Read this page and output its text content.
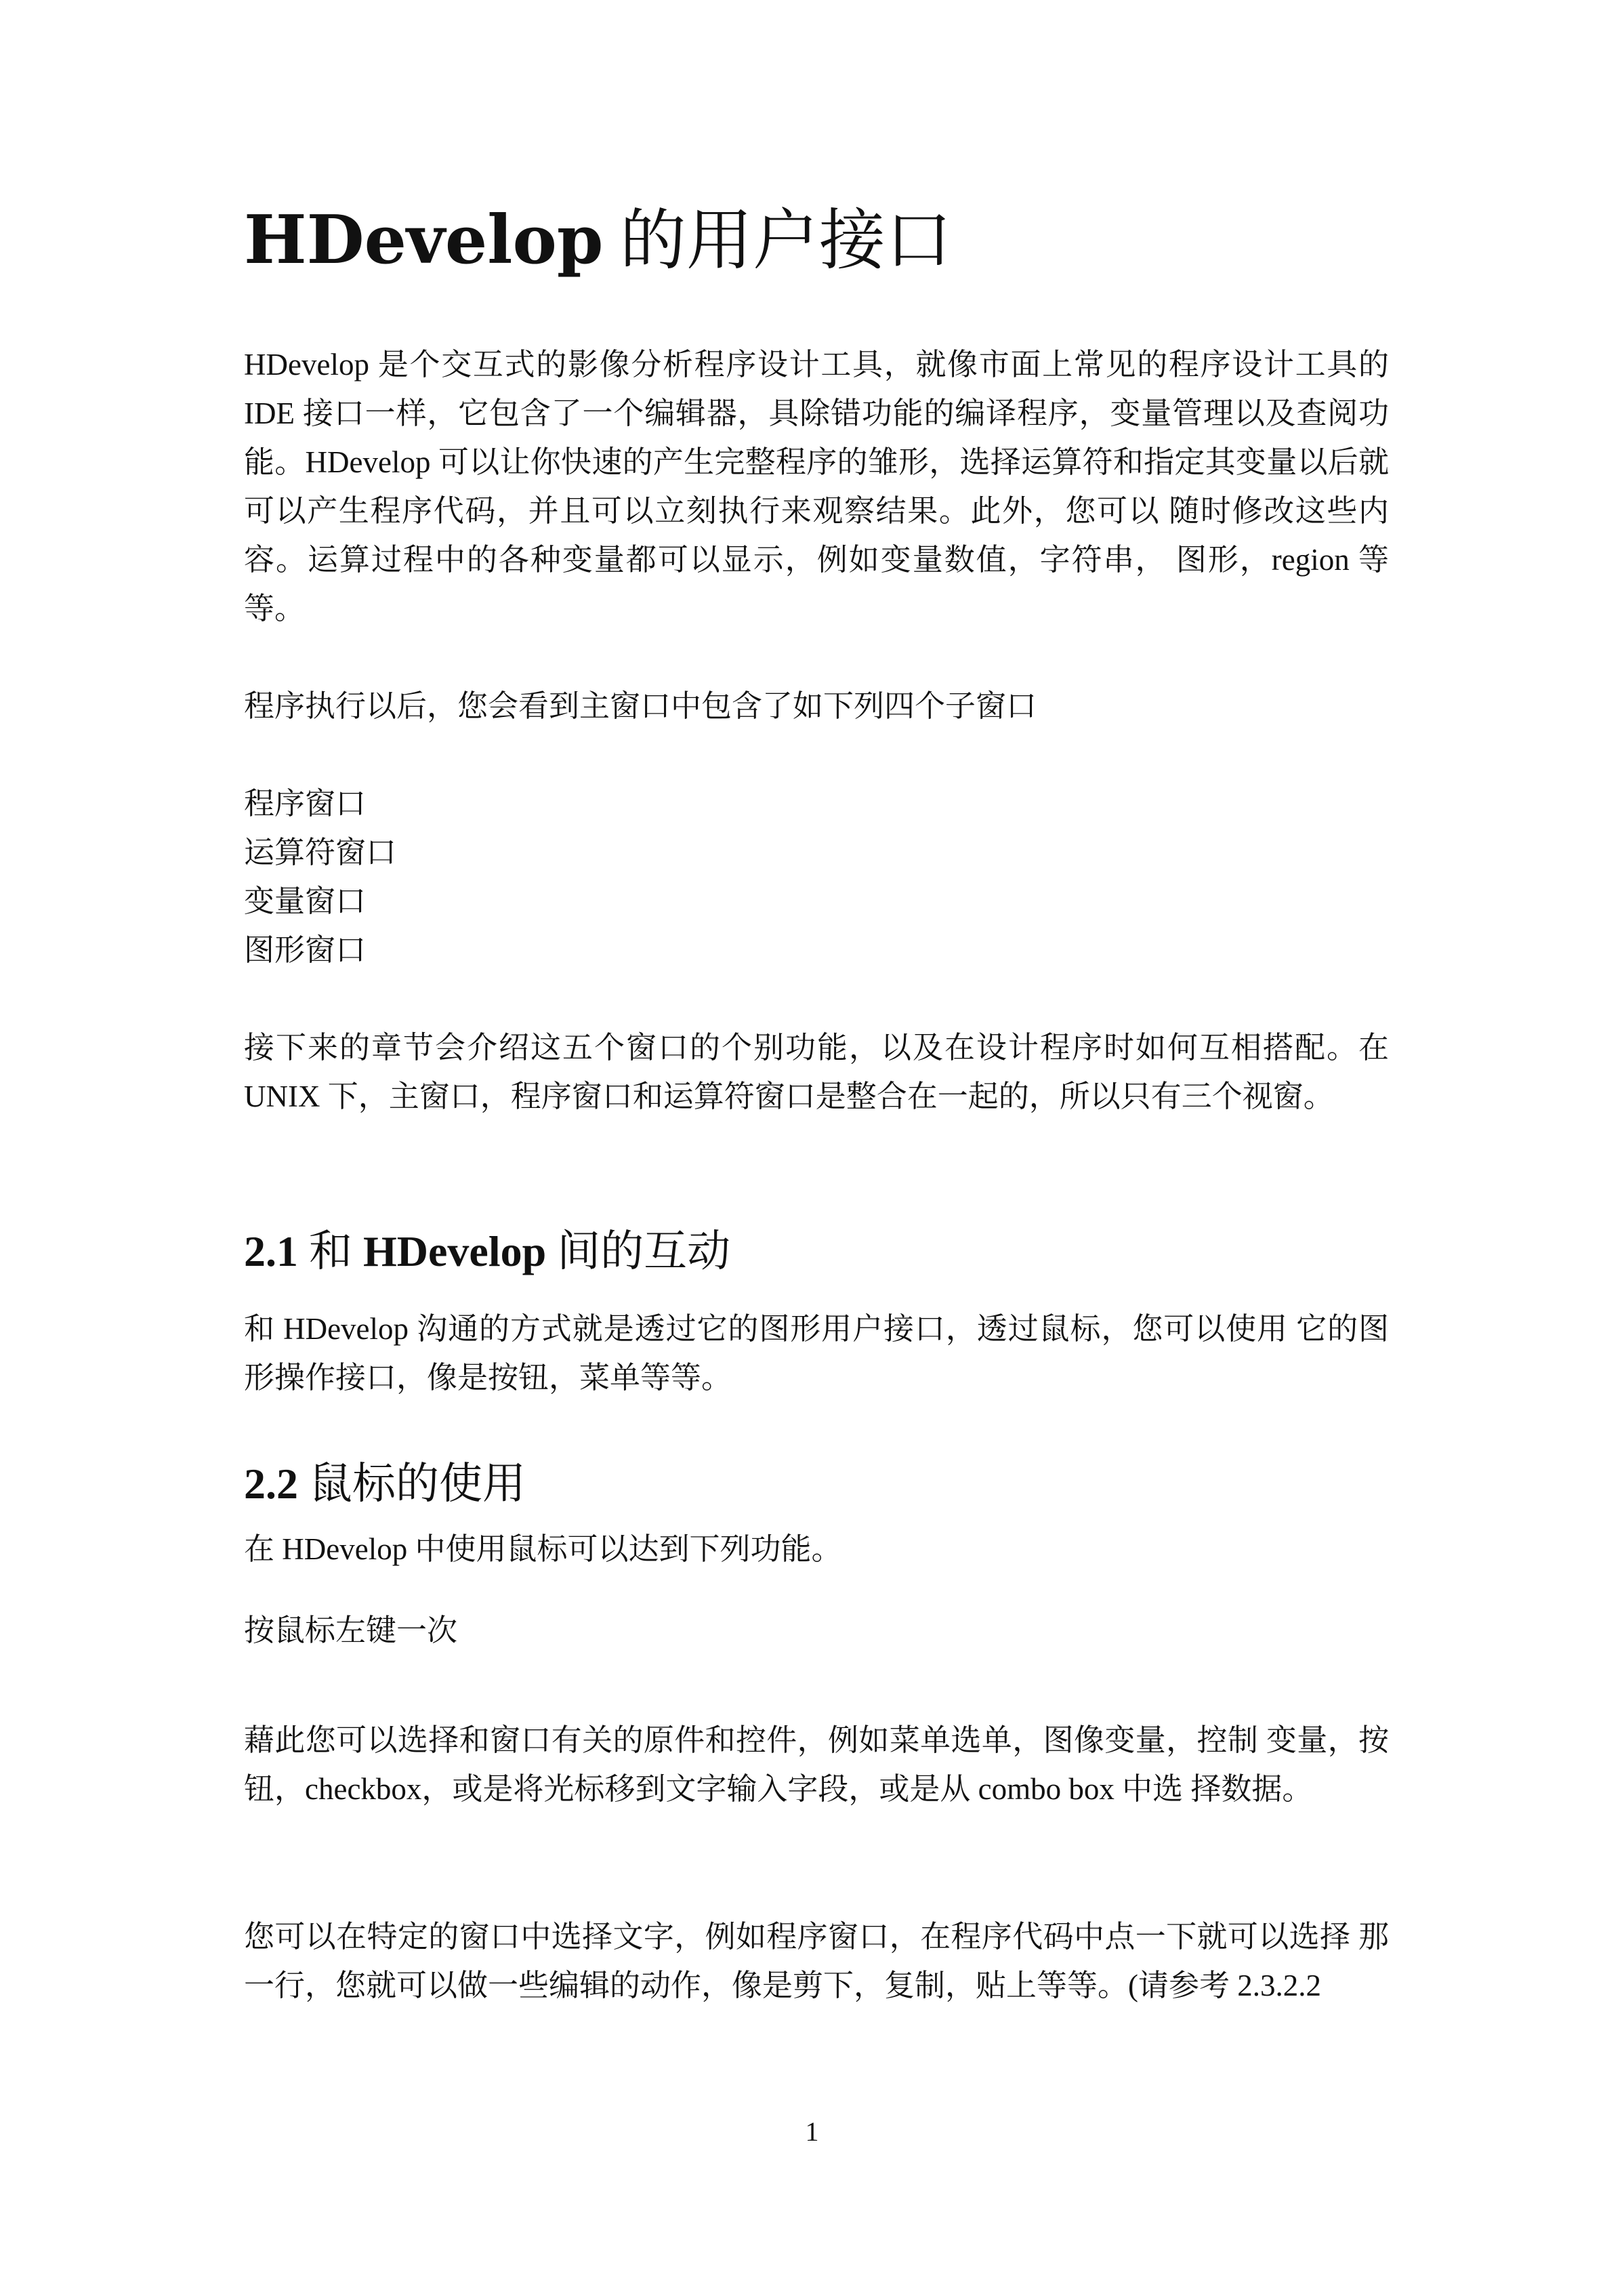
HDevelop 的用户接口

HDevelop 是个交互式的影像分析程序设计工具，就像市面上常见的程序设计工具的 IDE 接口一样，它包含了一个编辑器，具除错功能的编译程序，变量管理以及查阅功能。HDevelop 可以让你快速的产生完整程序的雏形，选择运算符和指定其变量以后就可以产生程序代码，并且可以立刻执行来观察结果。此外，您可以 随时修改这些内容。运算过程中的各种变量都可以显示，例如变量数值，字符串， 图形，region 等等。

程序执行以后，您会看到主窗口中包含了如下列四个子窗口

程序窗口
运算符窗口
变量窗口
图形窗口

接下来的章节会介绍这五个窗口的个别功能，以及在设计程序时如何互相搭配。在 UNIX 下，主窗口，程序窗口和运算符窗口是整合在一起的，所以只有三个视窗。

2.1 和 HDevelop 间的互动

和 HDevelop 沟通的方式就是透过它的图形用户接口，透过鼠标，您可以使用 它的图形操作接口，像是按钮，菜单等等。

2.2 鼠标的使用

在 HDevelop 中使用鼠标可以达到下列功能。

按鼠标左键一次

藉此您可以选择和窗口有关的原件和控件，例如菜单选单，图像变量，控制 变量，按钮，checkbox，或是将光标移到文字输入字段，或是从 combo box 中选 择数据。

您可以在特定的窗口中选择文字，例如程序窗口，在程序代码中点一下就可以选择 那一行，您就可以做一些编辑的动作，像是剪下，复制，贴上等等。(请参考 2.3.2.2

1
